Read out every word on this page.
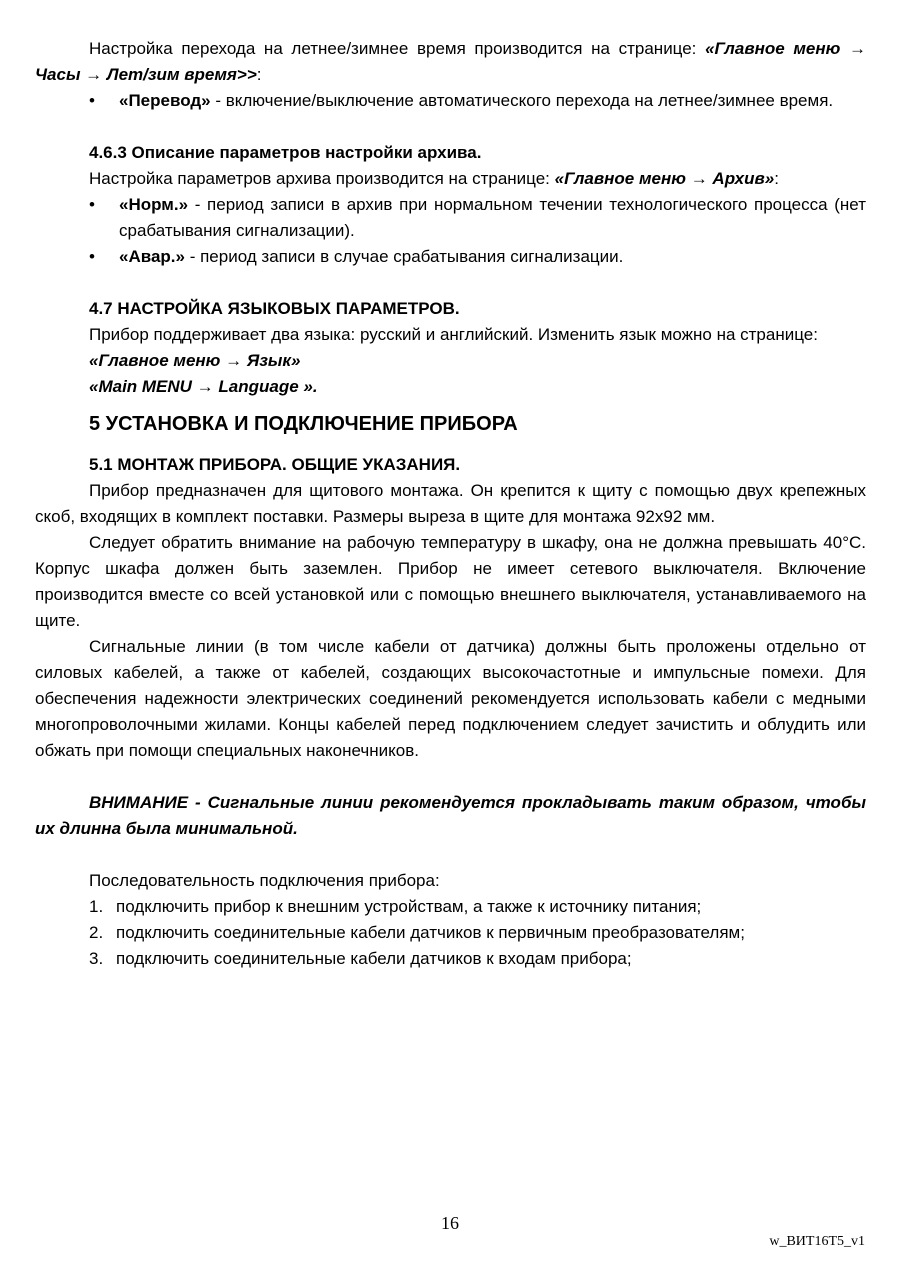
Настройка перехода на летнее/зимнее время производится на странице: «Главное меню → Часы → Лет/зим время>>:

•	«Перевод» - включение/выключение автоматического перехода на летнее/зимнее время.

4.6.3 Описание параметров настройки архива.

Настройка параметров архива производится на странице: «Главное меню → Архив»:

•	«Норм.» - период записи в архив при нормальном течении технологического процесса (нет срабатывания сигнализации).

•	«Авар.» - период записи в случае срабатывания сигнализации.

4.7 НАСТРОЙКА ЯЗЫКОВЫХ ПАРАМЕТРОВ.

Прибор поддерживает два языка: русский и английский. Изменить язык можно на странице:

«Главное меню → Язык»

«Main MENU → Language ».

5 УСТАНОВКА И ПОДКЛЮЧЕНИЕ ПРИБОРА

5.1 МОНТАЖ ПРИБОРА. ОБЩИЕ УКАЗАНИЯ.

Прибор предназначен для щитового монтажа. Он крепится к щиту с помощью двух крепежных скоб, входящих в комплект поставки. Размеры выреза в щите для монтажа 92х92 мм.

Следует обратить внимание на рабочую температуру в шкафу, она не должна превышать 40°С. Корпус шкафа должен быть заземлен. Прибор не имеет сетевого выключателя. Включение производится вместе со всей установкой или с помощью внешнего выключателя, устанавливаемого на щите.

Сигнальные линии (в том числе кабели от датчика) должны быть проложены отдельно от силовых кабелей, а также от кабелей, создающих высокочастотные и импульсные помехи. Для обеспечения надежности электрических соединений рекомендуется использовать кабели с медными многопроволочными жилами. Концы кабелей перед подключением следует зачистить и облудить или обжать при помощи специальных наконечников.

ВНИМАНИЕ - Сигнальные линии рекомендуется прокладывать таким образом, чтобы их длинна была минимальной.

Последовательность подключения прибора:

1. подключить прибор к внешним устройствам, а также к источнику питания;

2. подключить соединительные кабели датчиков к первичным преобразователям;

3. подключить соединительные кабели датчиков к входам прибора;

16
w_ВИТ16Т5_v1
